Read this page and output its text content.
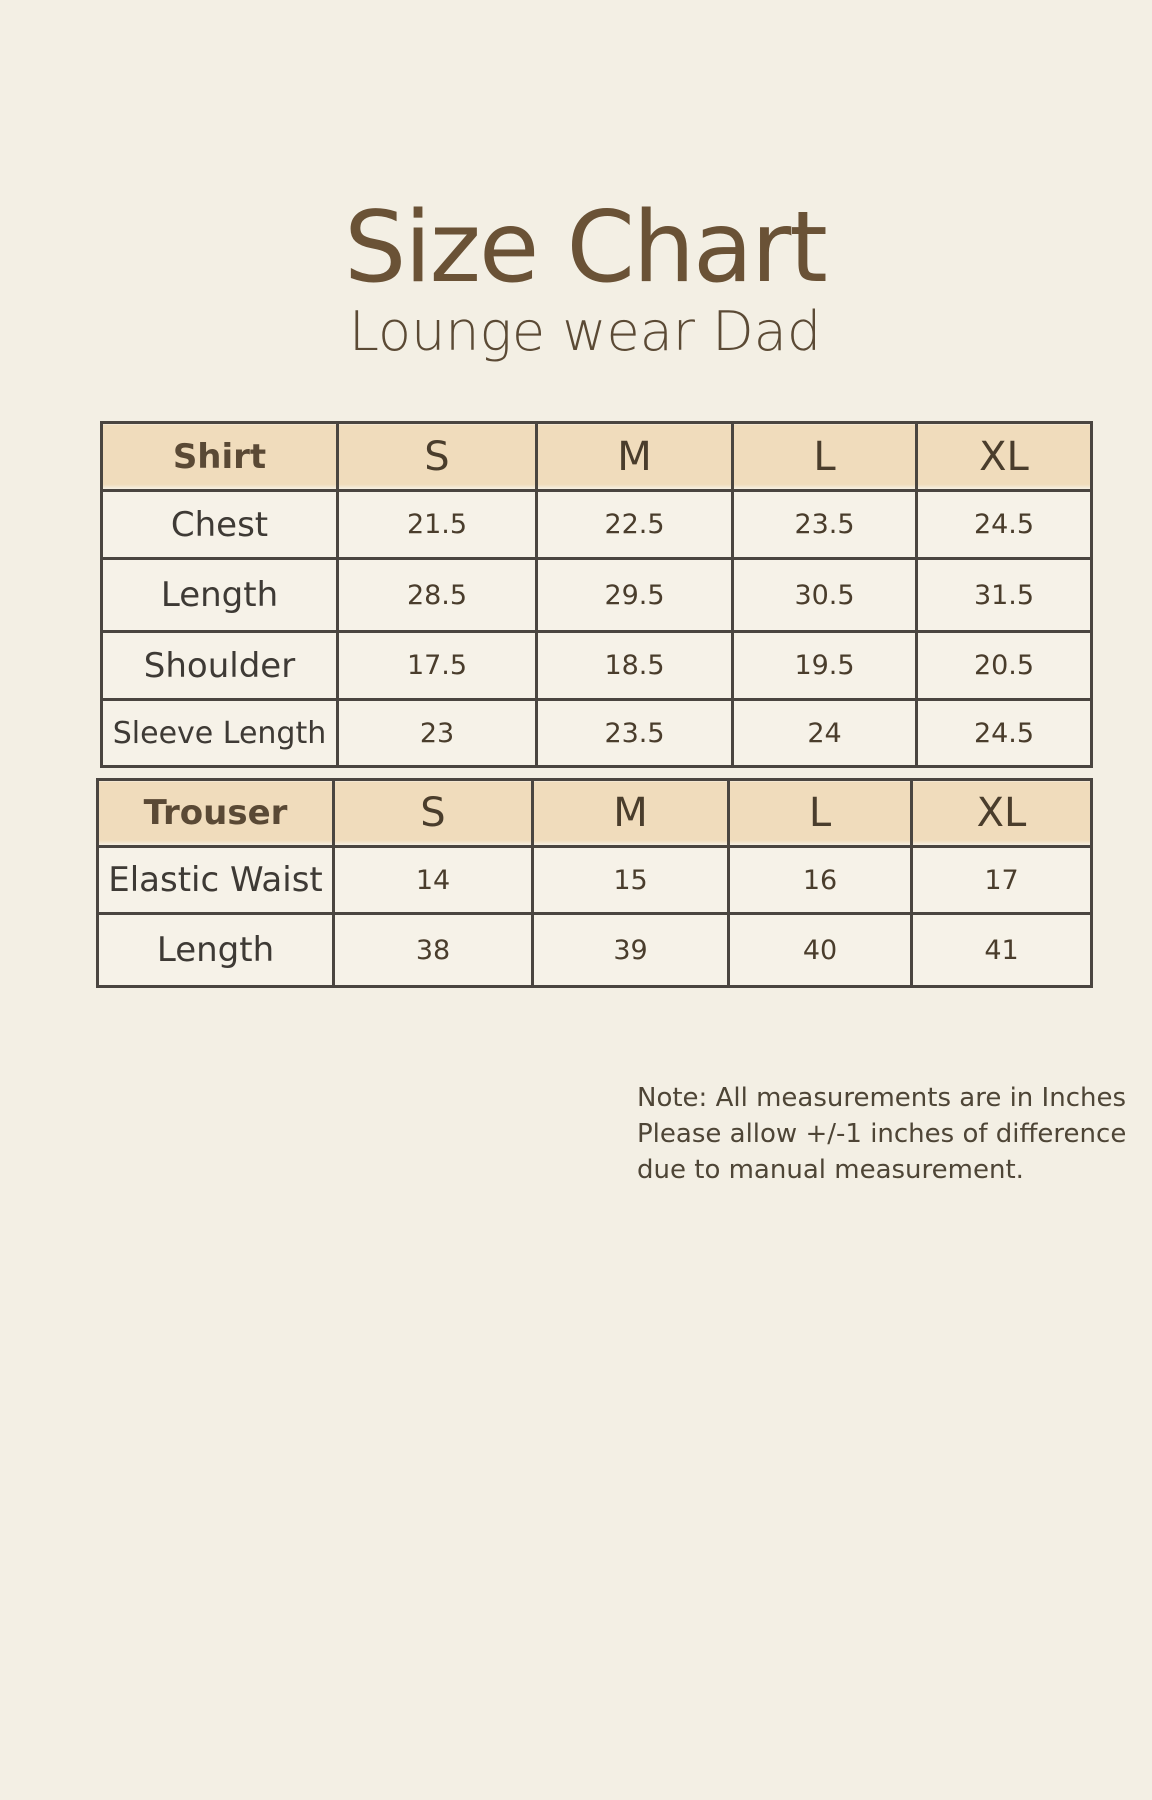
Size Chart
Lounge wear Dad
Shirt	S	M	L	XL
Chest	21.5	22.5	23.5	24.5
Length	28.5	29.5	30.5	31.5
Shoulder	17.5	18.5	19.5	20.5
Sleeve Length	23	23.5	24	24.5
Trouser	S	M	L	XL
Elastic Waist	14	15	16	17
Length	38	39	40	41
Note: All measurements are in Inches
Please allow +/-1 inches of difference
due to manual measurement.
